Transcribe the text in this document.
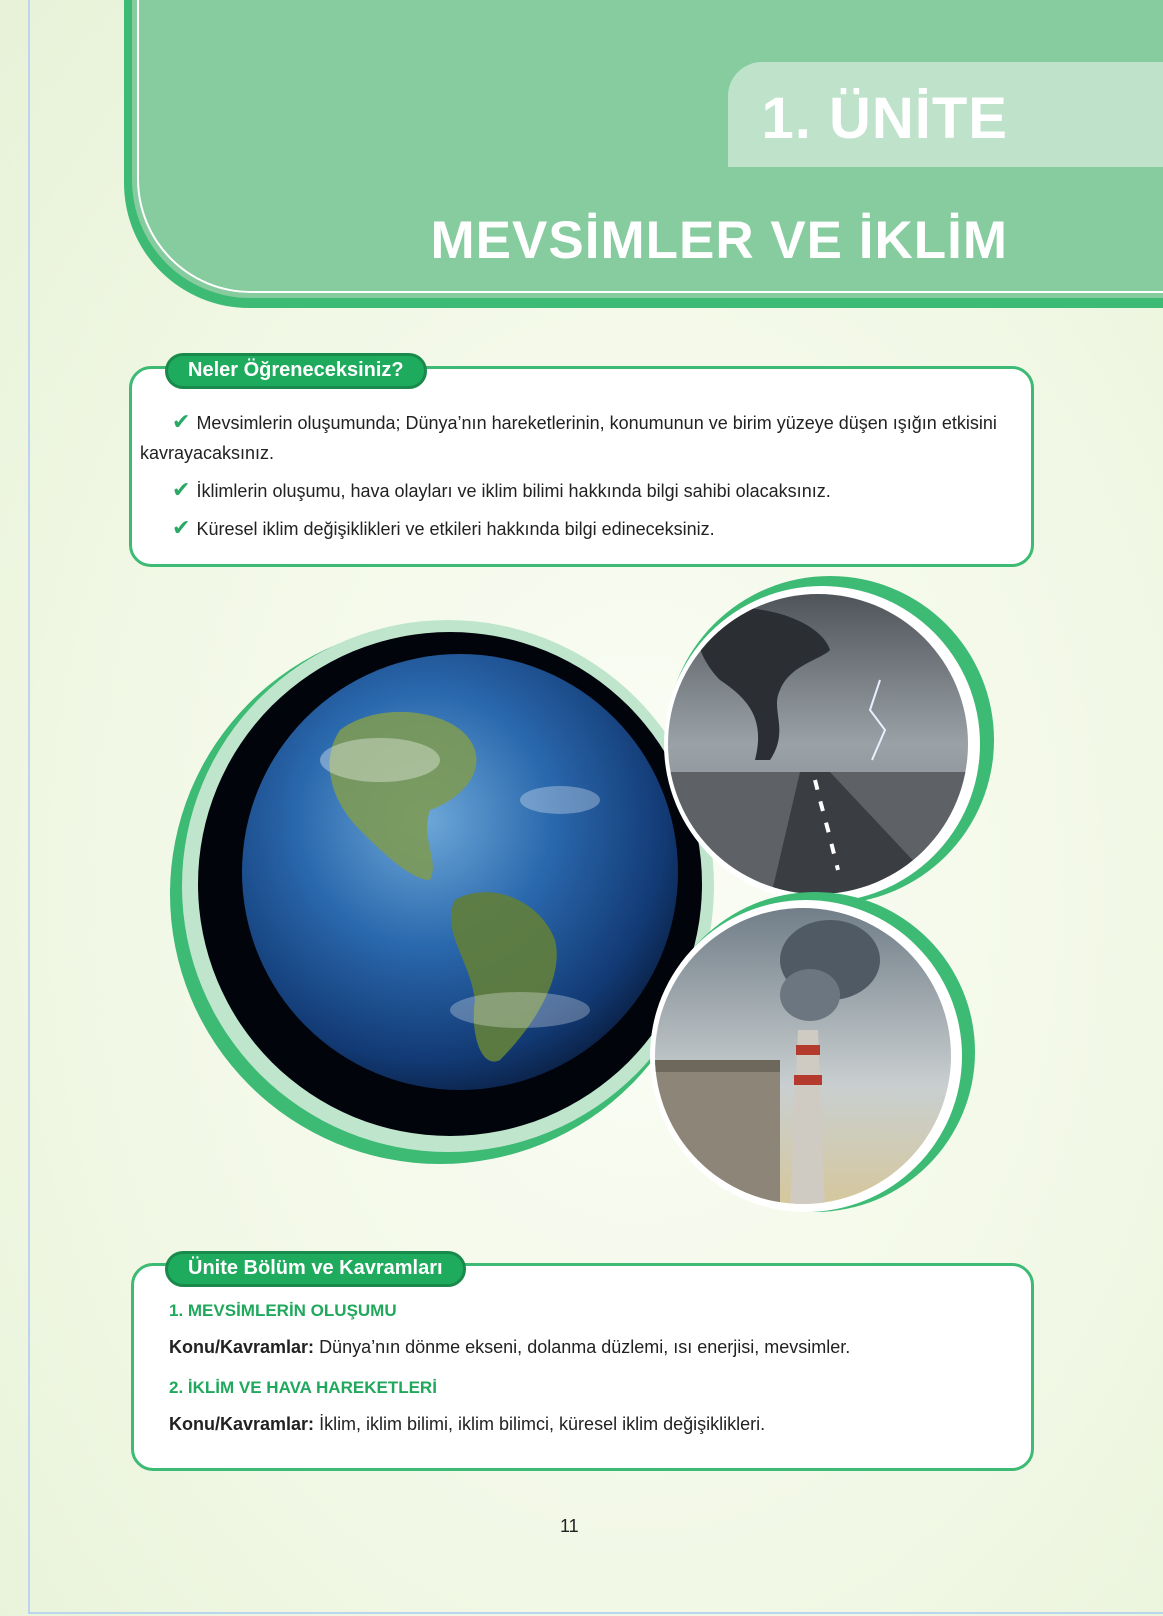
1. ÜNİTE
MEVSİMLER VE İKLİM
Neler Öğreneceksiniz?
✔ Mevsimlerin oluşumunda; Dünya’nın hareketlerinin, konumunun ve birim yüzeye düşen ışığın etkisini kavrayacaksınız.
✔ İklimlerin oluşumu, hava olayları ve iklim bilimi hakkında bilgi sahibi olacaksınız.
✔ Küresel iklim değişiklikleri ve etkileri hakkında bilgi edineceksiniz.
Ünite Bölüm ve Kavramları
1. MEVSİMLERİN OLUŞUMU
Konu/Kavramlar: Dünya’nın dönme ekseni, dolanma düzlemi, ısı enerjisi, mevsimler.
2. İKLİM VE HAVA HAREKETLERİ
Konu/Kavramlar: İklim, iklim bilimi, iklim bilimci, küresel iklim değişiklikleri.
11
